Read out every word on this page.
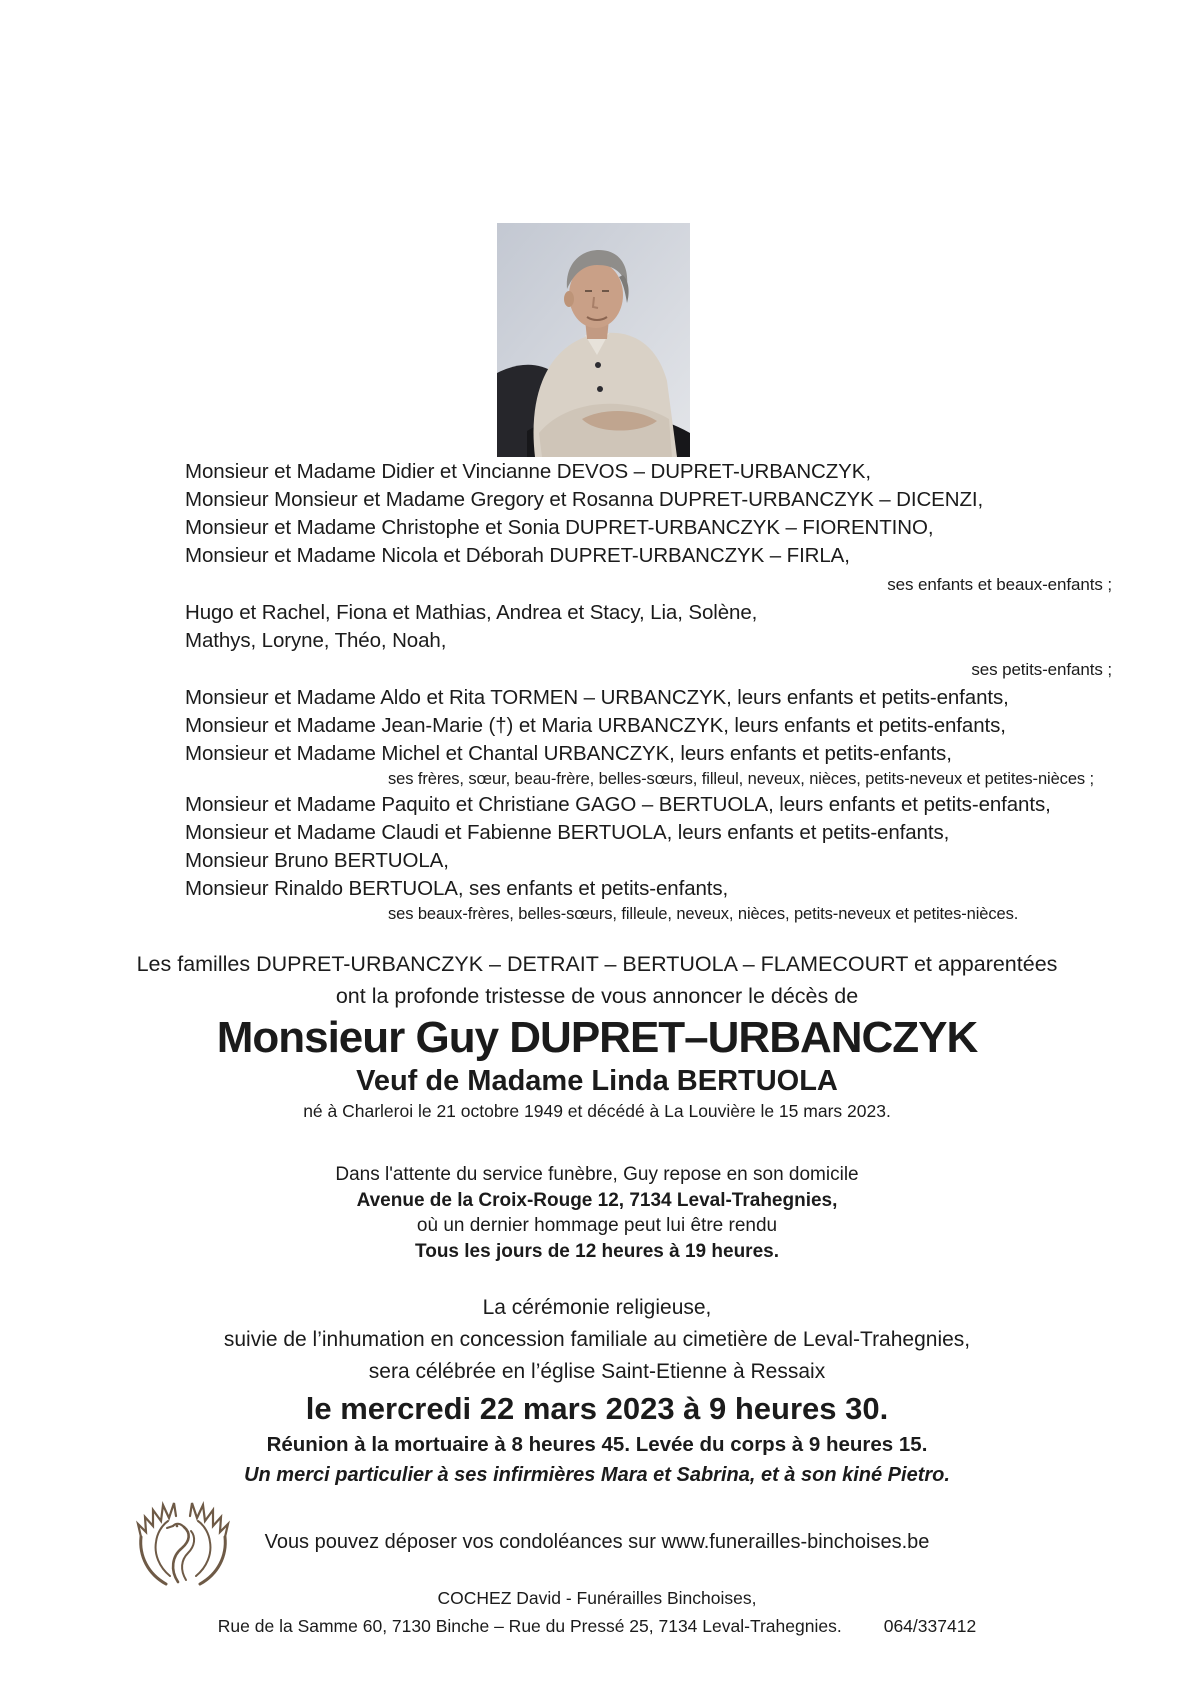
Monsieur et Madame Didier et Vincianne DEVOS – DUPRET-URBANCZYK,
Monsieur Monsieur et Madame Gregory et Rosanna DUPRET-URBANCZYK – DICENZI,
Monsieur et Madame Christophe et Sonia DUPRET-URBANCZYK – FIORENTINO,
Monsieur et Madame Nicola et Déborah DUPRET-URBANCZYK – FIRLA,
ses enfants et beaux-enfants ;
Hugo et Rachel, Fiona et Mathias, Andrea et Stacy, Lia, Solène,
Mathys, Loryne, Théo, Noah,
ses petits-enfants ;
Monsieur et Madame Aldo et Rita TORMEN – URBANCZYK, leurs enfants et petits-enfants,
Monsieur et Madame Jean-Marie (†) et Maria URBANCZYK, leurs enfants et petits-enfants,
Monsieur et Madame Michel et Chantal URBANCZYK, leurs enfants et petits-enfants,
ses frères, sœur, beau-frère, belles-sœurs, filleul, neveux, nièces, petits-neveux et petites-nièces ;
Monsieur et Madame Paquito et Christiane GAGO – BERTUOLA, leurs enfants et petits-enfants,
Monsieur et Madame Claudi et Fabienne BERTUOLA, leurs enfants et petits-enfants,
Monsieur Bruno BERTUOLA,
Monsieur Rinaldo BERTUOLA, ses enfants et petits-enfants,
ses beaux-frères, belles-sœurs, filleule, neveux, nièces, petits-neveux et petites-nièces.
Les familles DUPRET-URBANCZYK – DETRAIT – BERTUOLA – FLAMECOURT et apparentées
ont la profonde tristesse de vous annoncer le décès de
Monsieur Guy DUPRET–URBANCZYK
Veuf de Madame Linda BERTUOLA
né à Charleroi le 21 octobre 1949 et décédé à La Louvière le 15 mars 2023.
Dans l'attente du service funèbre, Guy repose en son domicile
Avenue de la Croix-Rouge 12, 7134 Leval-Trahegnies,
où un dernier hommage peut lui être rendu
Tous les jours de 12 heures à 19 heures.
La cérémonie religieuse,
suivie de l’inhumation en concession familiale au cimetière de Leval-Trahegnies,
sera célébrée en l’église Saint-Etienne à Ressaix
le mercredi 22 mars 2023 à 9 heures 30.
Réunion à la mortuaire à 8 heures 45. Levée du corps à 9 heures 15.
Un merci particulier à ses infirmières Mara et Sabrina, et à son kiné Pietro.
Vous pouvez déposer vos condoléances sur www.funerailles-binchoises.be
COCHEZ David - Funérailles Binchoises,
Rue de la Samme 60, 7130 Binche – Rue du Pressé 25, 7134 Leval-Trahegnies. 064/337412
